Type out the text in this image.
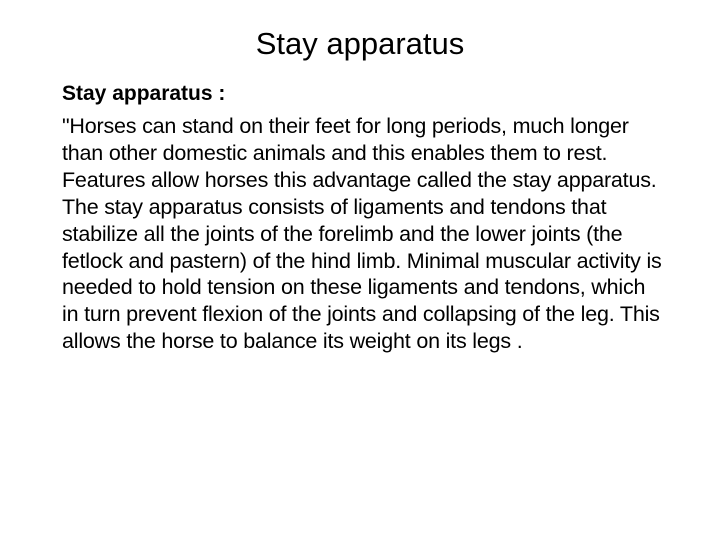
Stay apparatus

Stay apparatus :

"Horses can stand on their feet for long periods, much longer than other domestic animals and this enables them to rest. Features allow horses this advantage called the stay apparatus. The stay apparatus consists of ligaments and tendons that stabilize all the joints of the forelimb and the lower joints (the fetlock and pastern) of the hind limb. Minimal muscular activity is needed to hold tension on these ligaments and tendons, which in turn prevent flexion of the joints and collapsing of the leg. This allows the horse to balance its weight on its legs .
